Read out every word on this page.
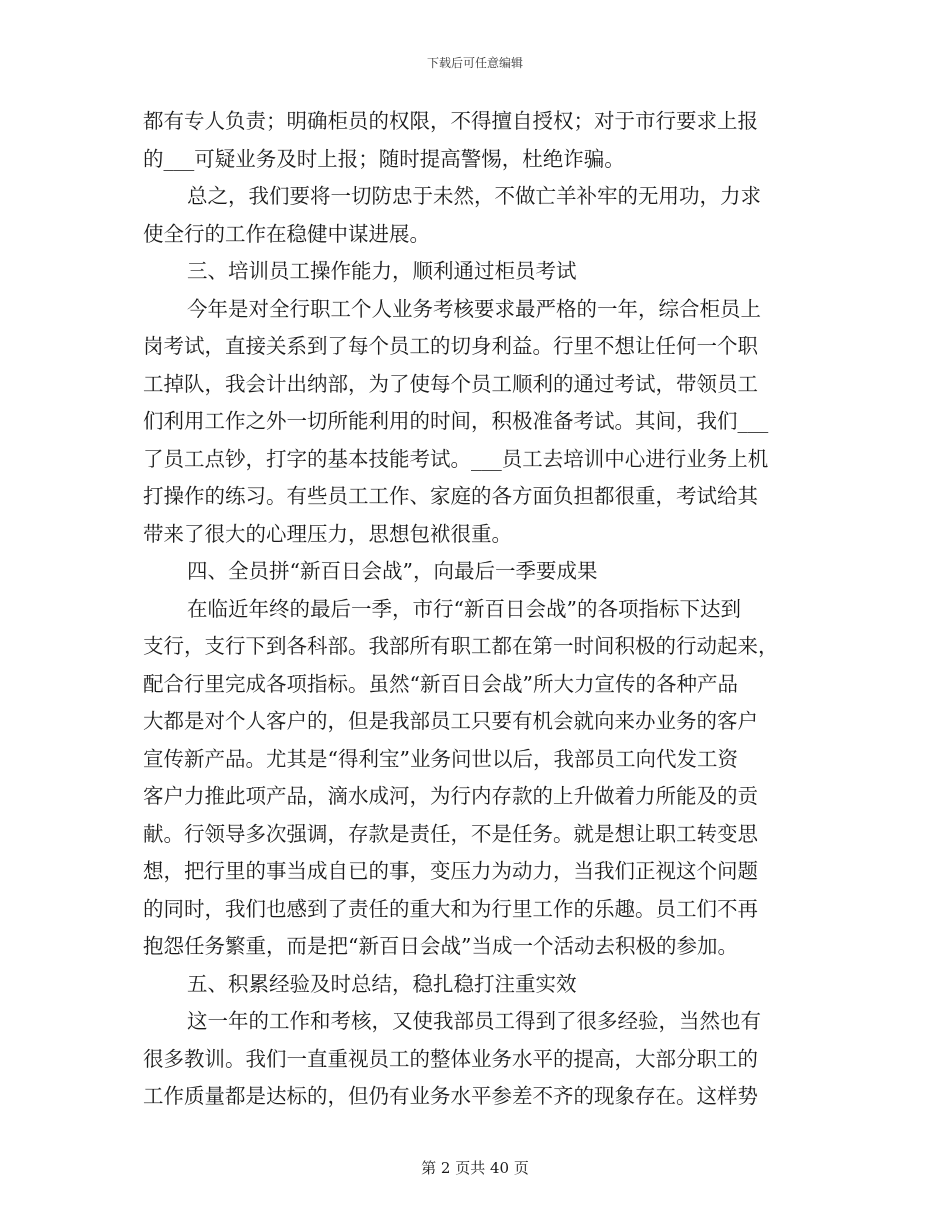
下载后可任意编辑
都有专人负责；明确柜员的权限，不得擅自授权；对于市行要求上报
的___可疑业务及时上报；随时提高警惕，杜绝诈骗。
总之，我们要将一切防忠于未然，不做亡羊补牢的无用功，力求
使全行的工作在稳健中谋进展。
三、培训员工操作能力，顺利通过柜员考试
今年是对全行职工个人业务考核要求最严格的一年，综合柜员上
岗考试，直接关系到了每个员工的切身利益。行里不想让任何一个职
工掉队，我会计出纳部，为了使每个员工顺利的通过考试，带领员工
们利用工作之外一切所能利用的时间，积极准备考试。其间，我们___
了员工点钞，打字的基本技能考试。___员工去培训中心进行业务上机
打操作的练习。有些员工工作、家庭的各方面负担都很重，考试给其
带来了很大的心理压力，思想包袱很重。
四、全员拼“新百日会战”，向最后一季要成果
在临近年终的最后一季，市行“新百日会战”的各项指标下达到
支行，支行下到各科部。我部所有职工都在第一时间积极的行动起来，
配合行里完成各项指标。虽然“新百日会战”所大力宣传的各种产品
大都是对个人客户的，但是我部员工只要有机会就向来办业务的客户
宣传新产品。尤其是“得利宝”业务问世以后，我部员工向代发工资
客户力推此项产品，滴水成河，为行内存款的上升做着力所能及的贡
献。行领导多次强调，存款是责任，不是任务。就是想让职工转变思
想，把行里的事当成自已的事，变压力为动力，当我们正视这个问题
的同时，我们也感到了责任的重大和为行里工作的乐趣。员工们不再
抱怨任务繁重，而是把“新百日会战”当成一个活动去积极的参加。
五、积累经验及时总结，稳扎稳打注重实效
这一年的工作和考核，又使我部员工得到了很多经验，当然也有
很多教训。我们一直重视员工的整体业务水平的提高，大部分职工的
工作质量都是达标的，但仍有业务水平参差不齐的现象存在。这样势
第 2 页共 40 页
